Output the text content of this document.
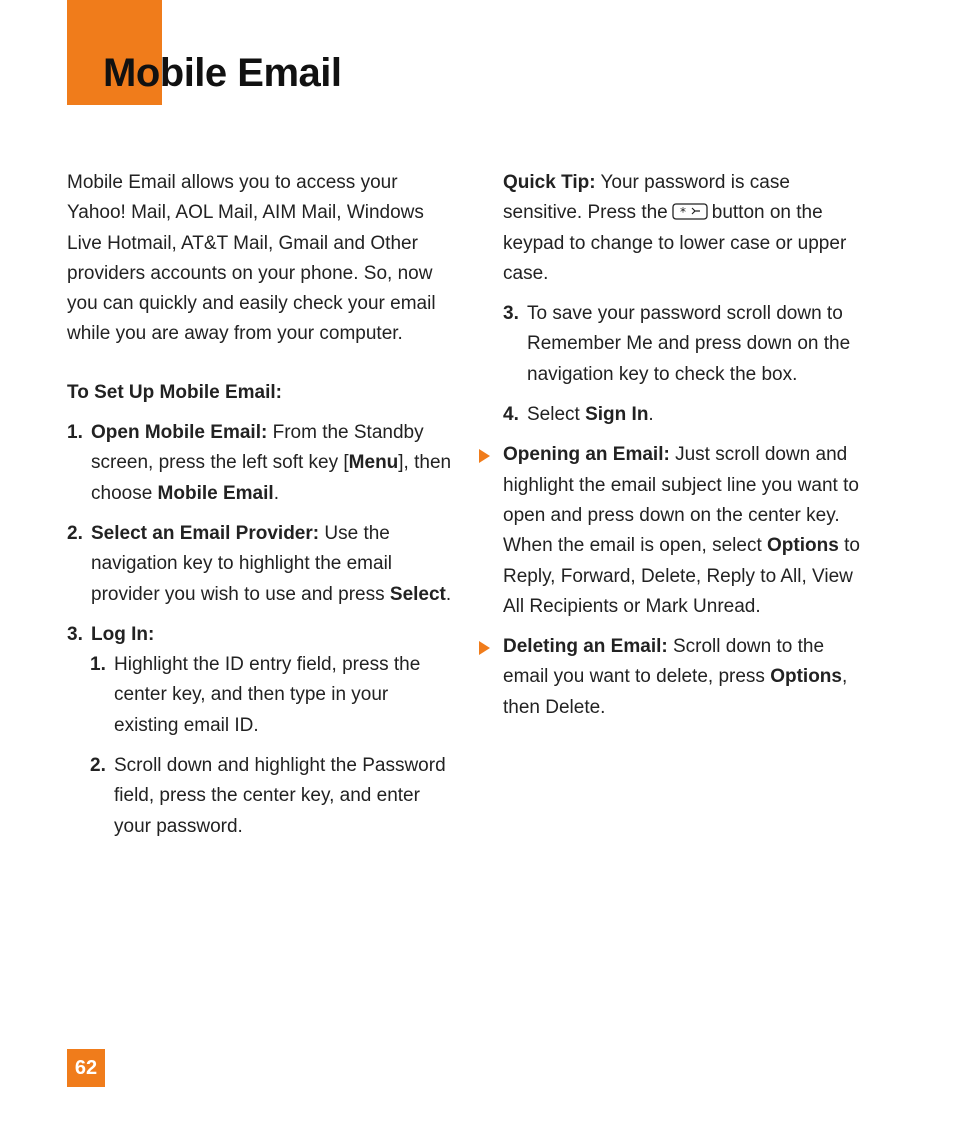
Mobile Email

Mobile Email allows you to access your Yahoo! Mail, AOL Mail, AIM Mail, Windows Live Hotmail, AT&T Mail, Gmail and Other providers accounts on your phone. So, now you can quickly and easily check your email while you are away from your computer.

To Set Up Mobile Email:

1. Open Mobile Email: From the Standby screen, press the left soft key [Menu], then choose Mobile Email.

2. Select an Email Provider: Use the navigation key to highlight the email provider you wish to use and press Select.

3. Log In:

1. Highlight the ID entry field, press the center key, and then type in your existing email ID.

2. Scroll down and highlight the Password field, press the center key, and enter your password.

Quick Tip: Your password is case sensitive. Press the * button on the keypad to change to lower case or upper case.

3. To save your password scroll down to Remember Me and press down on the navigation key to check the box.

4. Select Sign In.

Opening an Email: Just scroll down and highlight the email subject line you want to open and press down on the center key. When the email is open, select Options to Reply, Forward, Delete, Reply to All, View All Recipients or Mark Unread.

Deleting an Email: Scroll down to the email you want to delete, press Options, then Delete.

62
